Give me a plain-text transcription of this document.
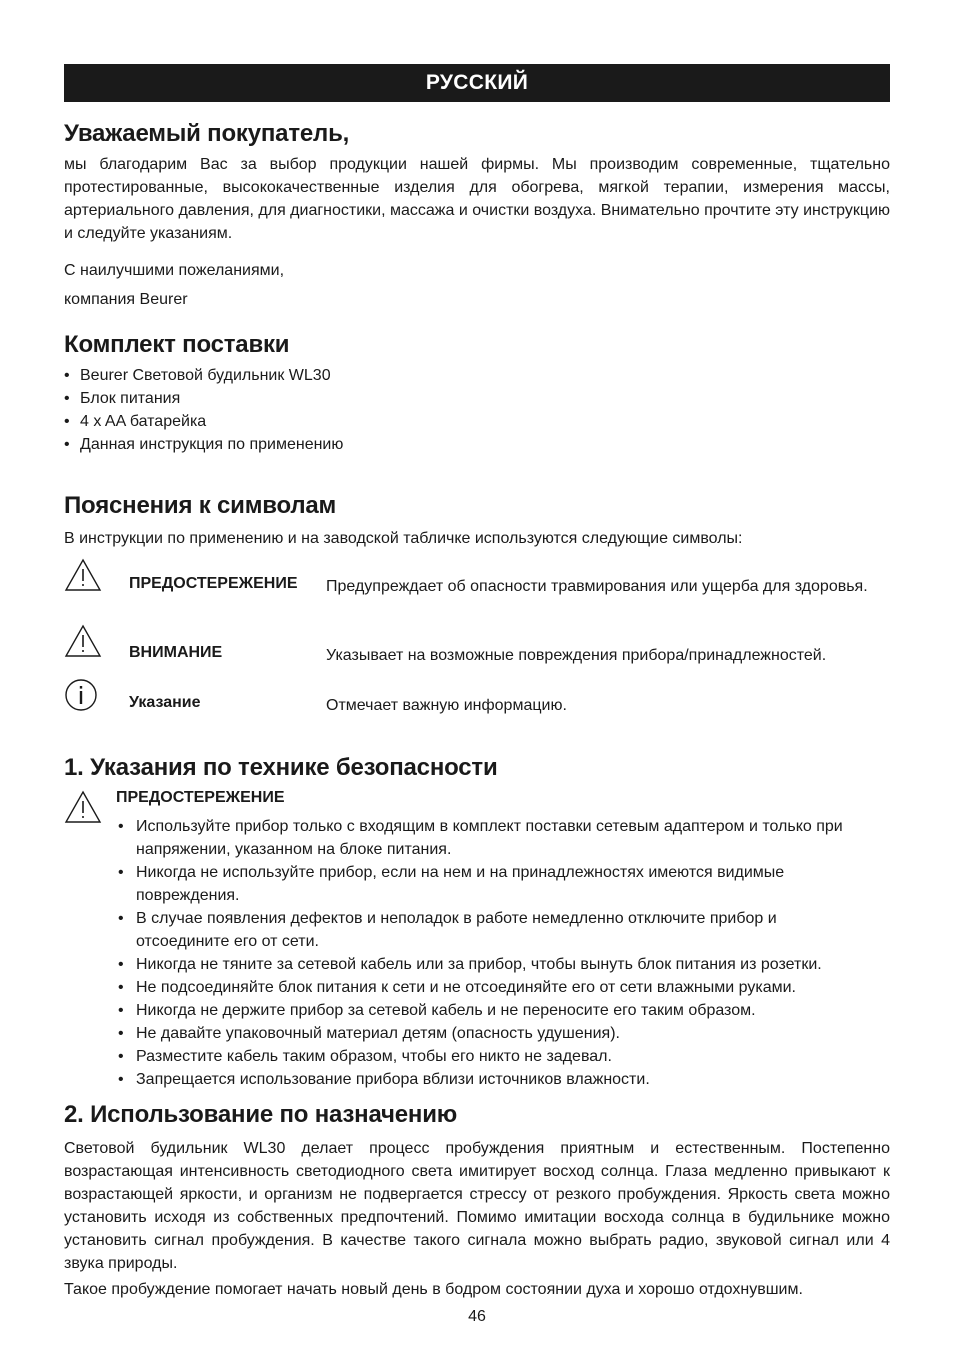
РУССКИЙ
Уважаемый покупатель,

мы благодарим Вас за выбор продукции нашей фирмы. Мы производим современные, тщательно протестированные, высококачественные изделия для обогрева, мягкой терапии, измерения массы, артериального давления, для диагностики, массажа и очистки воздуха. Внимательно прочтите эту инструкцию и следуйте указаниям.

С наилучшими пожеланиями,

компания Beurer

Комплект поставки
• Beurer Световой будильник WL30
• Блок питания
• 4 x AA батарейка
• Данная инструкция по применению
Пояснения к символам

В инструкции по применению и на заводской табличке используются следующие символы:

ПРЕДОСТЕРЕЖЕНИЕ Предупреждает об опасности травмирования или ущерба для здоровья.
ВНИМАНИЕ	Указывает на возможные повреждения прибора/принадлежностей.
Указание	Отмечает важную информацию.
1. Указания по технике безопасности
ПРЕДОСТЕРЕЖЕНИЕ
• Используйте прибор только с входящим в комплект поставки сетевым адаптером и только при напряжении, указанном на блоке питания.
• Никогда не используйте прибор, если на нем и на принадлежностях имеются видимые повреждения.
• В случае появления дефектов и неполадок в работе немедленно отключите прибор и отсоедините его от сети.
• Никогда не тяните за сетевой кабель или за прибор, чтобы вынуть блок питания из розетки.
• Не подсоединяйте блок питания к сети и не отсоединяйте его от сети влажными руками.
• Никогда не держите прибор за сетевой кабель и не переносите его таким образом.
• Не давайте упаковочный материал детям (опасность удушения).
• Разместите кабель таким образом, чтобы его никто не задевал.
• Запрещается использование прибора вблизи источников влажности.
2. Использование по назначению

Световой будильник WL30 делает процесс пробуждения приятным и естественным. Постепенно возрастающая интенсивность светодиодного света имитирует восход солнца. Глаза медленно привыкают к возрастающей яркости, и организм не подвергается стрессу от резкого пробуждения. Яркость света можно установить исходя из собственных предпочтений. Помимо имитации восхода солнца в будильнике можно установить сигнал пробуждения. В качестве такого сигнала можно выбрать радио, звуковой сигнал или 4 звука природы.

Такое пробуждение помогает начать новый день в бодром состоянии духа и хорошо отдохнувшим.

46
